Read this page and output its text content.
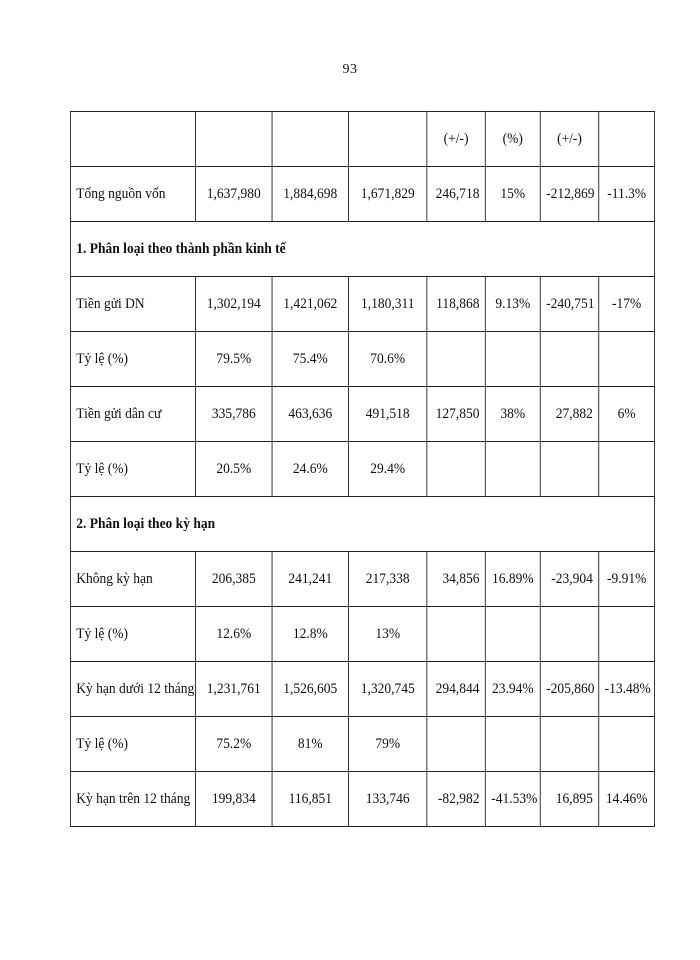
93
				(+/-)	(%)	(+/-)	
Tổng nguồn vốn	1,637,980	1,884,698	1,671,829	246,718	15%	-212,869	-11.3%
1. Phân loại theo thành phần kinh tế							
Tiền gửi DN	1,302,194	1,421,062	1,180,311	118,868	9.13%	-240,751	-17%
Tỷ lệ (%)	79.5%	75.4%	70.6%				
Tiền gửi dân cư	335,786	463,636	491,518	127,850	38%	27,882	6%
Tỷ lệ (%)	20.5%	24.6%	29.4%				
2. Phân loại theo kỳ hạn							
Không kỳ hạn	206,385	241,241	217,338	34,856	16.89%	-23,904	-9.91%
Tỷ lệ (%)	12.6%	12.8%	13%				
Kỳ hạn dưới 12 tháng	1,231,761	1,526,605	1,320,745	294,844	23.94%	-205,860	-13.48%
Tỷ lệ (%)	75.2%	81%	79%				
Kỳ hạn trên 12 tháng	199,834	116,851	133,746	-82,982	-41.53%	16,895	14.46%
